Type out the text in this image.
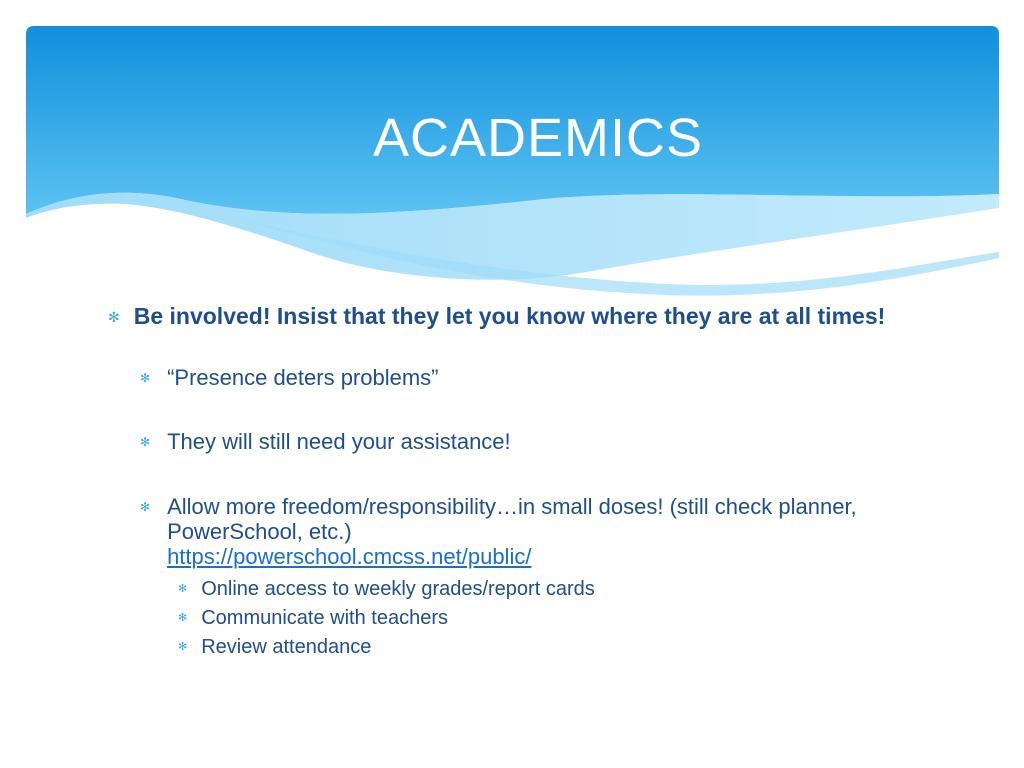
ACADEMICS
✻ Be involved! Insist that they let you know where they are at all times!
✻ “Presence deters problems”
✻ They will still need your assistance!
✻ Allow more freedom/responsibility…in small doses! (still check planner, PowerSchool, etc.)
https://powerschool.cmcss.net/public/
✻ Online access to weekly grades/report cards
✻ Communicate with teachers
✻ Review attendance
